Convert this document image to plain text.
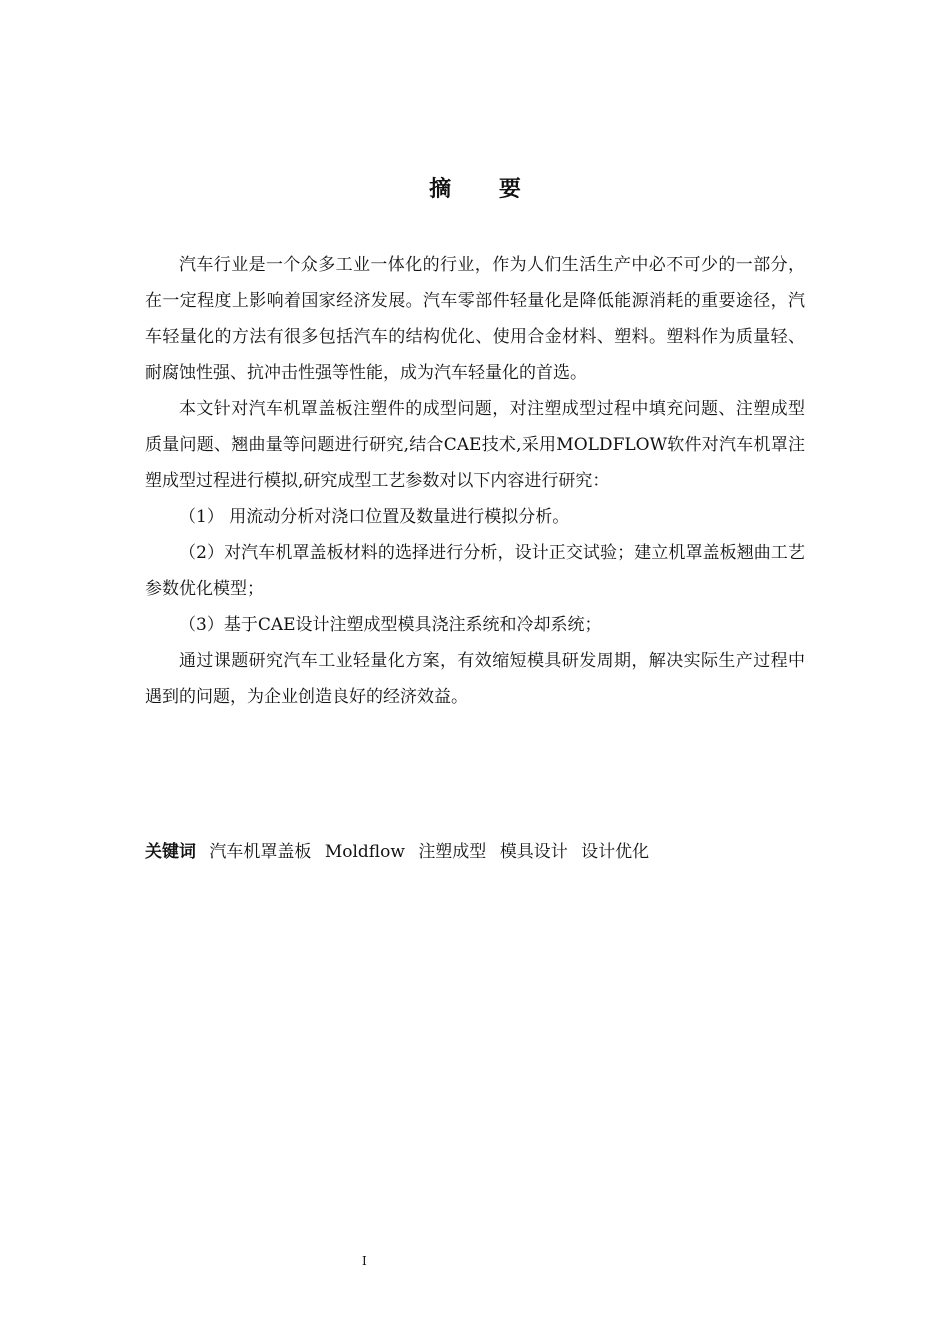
摘 要

汽车行业是一个众多工业一体化的行业，作为人们生活生产中必不可少的一部分，在一定程度上影响着国家经济发展。汽车零部件轻量化是降低能源消耗的重要途径，汽车轻量化的方法有很多包括汽车的结构优化、使用合金材料、塑料。塑料作为质量轻、耐腐蚀性强、抗冲击性强等性能，成为汽车轻量化的首选。

本文针对汽车机罩盖板注塑件的成型问题，对注塑成型过程中填充问题、注塑成型质量问题、翘曲量等问题进行研究,结合CAE技术,采用MOLDFLOW软件对汽车机罩注塑成型过程进行模拟,研究成型工艺参数对以下内容进行研究：

（1） 用流动分析对浇口位置及数量进行模拟分析。

（2）对汽车机罩盖板材料的选择进行分析，设计正交试验；建立机罩盖板翘曲工艺参数优化模型；

（3）基于CAE设计注塑成型模具浇注系统和冷却系统；

通过课题研究汽车工业轻量化方案，有效缩短模具研发周期，解决实际生产过程中遇到的问题，为企业创造良好的经济效益。

关键词 汽车机罩盖板 Moldflow 注塑成型 模具设计 设计优化
I
